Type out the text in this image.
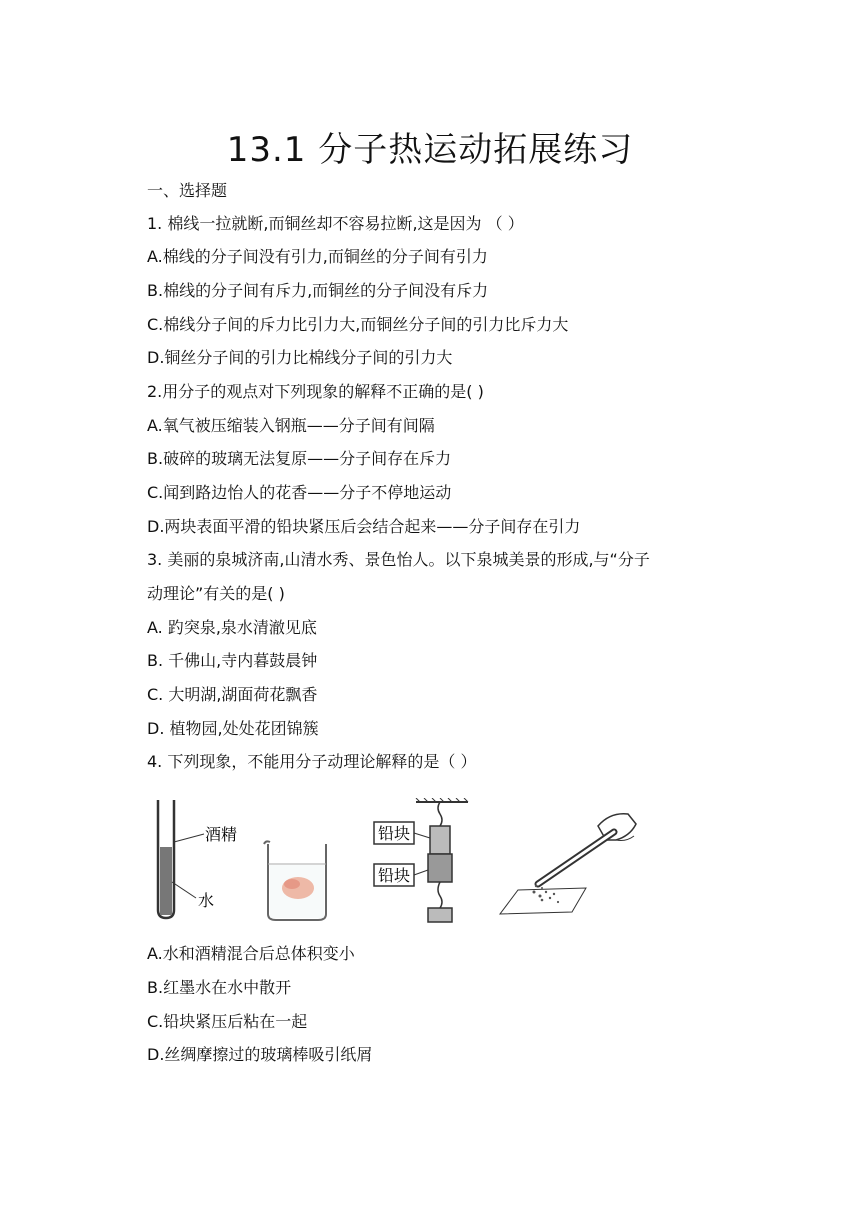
13.1 分子热运动拓展练习
一、选择题
1. 棉线一拉就断,而铜丝却不容易拉断,这是因为 （ ）
A.棉线的分子间没有引力,而铜丝的分子间有引力
B.棉线的分子间有斥力,而铜丝的分子间没有斥力
C.棉线分子间的斥力比引力大,而铜丝分子间的引力比斥力大
D.铜丝分子间的引力比棉线分子间的引力大
2.用分子的观点对下列现象的解释不正确的是( )
A.氧气被压缩装入钢瓶——分子间有间隔
B.破碎的玻璃无法复原——分子间存在斥力
C.闻到路边怡人的花香——分子不停地运动
D.两块表面平滑的铅块紧压后会结合起来——分子间存在引力
3. 美丽的泉城济南,山清水秀、景色怡人。以下泉城美景的形成,与“分子
动理论”有关的是( )
A. 趵突泉,泉水清澈见底
B. 千佛山,寺内暮鼓晨钟
C. 大明湖,湖面荷花飘香
D. 植物园,处处花团锦簇
4. 下列现象，不能用分子动理论解释的是（ ）
酒精
水
铅块
铅块
A.水和酒精混合后总体积变小
B.红墨水在水中散开
C.铅块紧压后粘在一起
D.丝绸摩擦过的玻璃棒吸引纸屑
